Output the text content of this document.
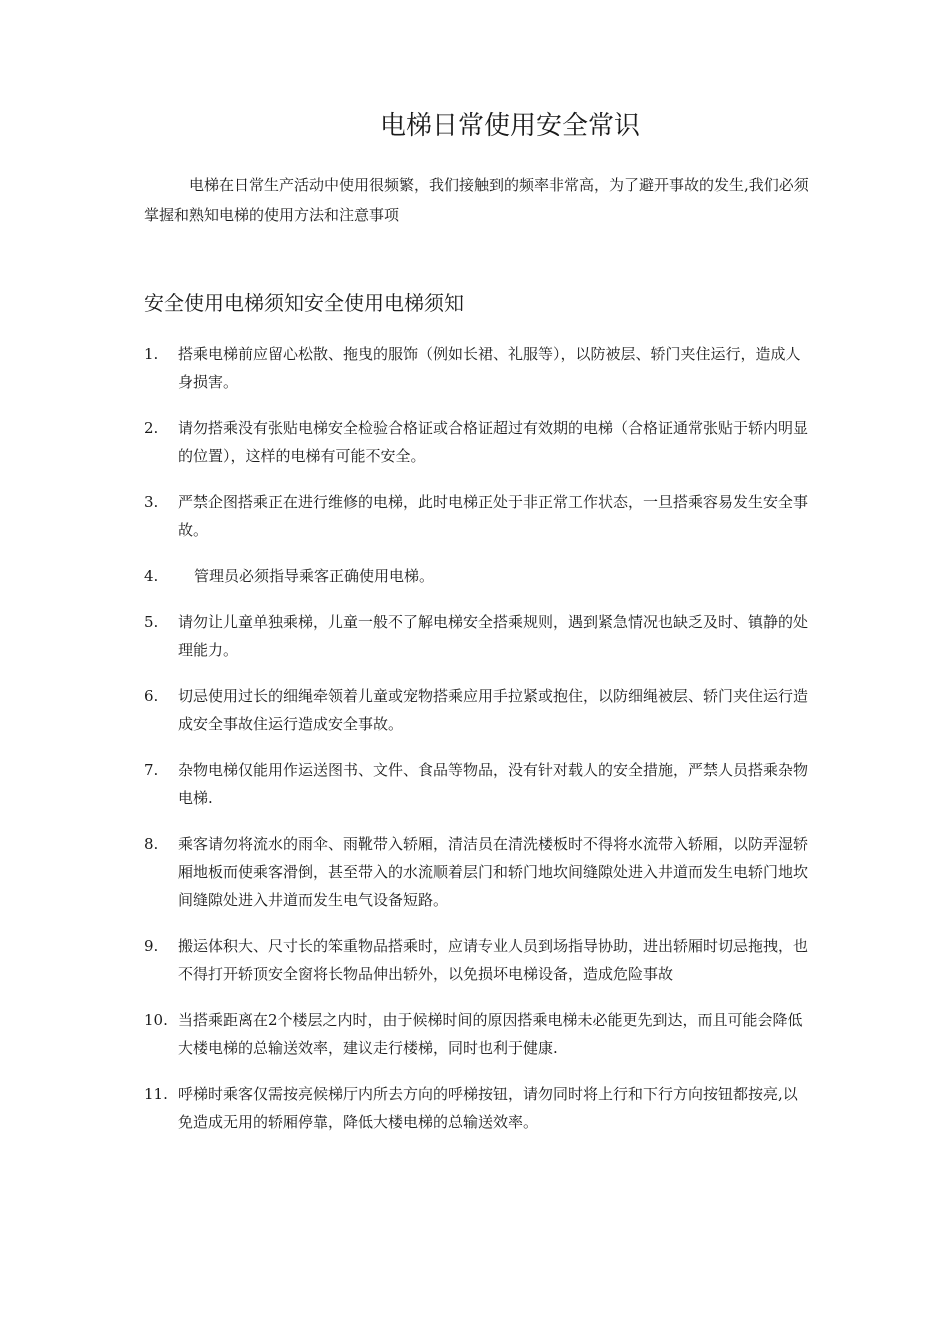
电梯日常使用安全常识

电梯在日常生产活动中使用很频繁，我们接触到的频率非常高，为了避开事故的发生,我们必须掌握和熟知电梯的使用方法和注意事项

安全使用电梯须知安全使用电梯须知
1.	搭乘电梯前应留心松散、拖曳的服饰（例如长裙、礼服等），以防被层、轿门夹住运行，造成人身损害。
2.	请勿搭乘没有张贴电梯安全检验合格证或合格证超过有效期的电梯（合格证通常张贴于轿内明显的位置），这样的电梯有可能不安全。
3.	严禁企图搭乘正在进行维修的电梯，此时电梯正处于非正常工作状态，一旦搭乘容易发生安全事故。
4.	管理员必须指导乘客正确使用电梯。
5.	请勿让儿童单独乘梯，儿童一般不了解电梯安全搭乘规则，遇到紧急情况也缺乏及时、镇静的处理能力。
6.	切忌使用过长的细绳牵领着儿童或宠物搭乘应用手拉紧或抱住，以防细绳被层、轿门夹住运行造成安全事故住运行造成安全事故。
7.	杂物电梯仅能用作运送图书、文件、食品等物品，没有针对载人的安全措施，严禁人员搭乘杂物电梯.
8.	乘客请勿将流水的雨伞、雨靴带入轿厢，清洁员在清洗楼板时不得将水流带入轿厢，以防弄湿轿厢地板而使乘客滑倒，甚至带入的水流顺着层门和轿门地坎间缝隙处进入井道而发生电轿门地坎间缝隙处进入井道而发生电气设备短路。
9.	搬运体积大、尺寸长的笨重物品搭乘时，应请专业人员到场指导协助，进出轿厢时切忌拖拽，也不得打开轿顶安全窗将长物品伸出轿外，以免损坏电梯设备，造成危险事故
10. 当搭乘距离在2个楼层之内时，由于候梯时间的原因搭乘电梯未必能更先到达，而且可能会降低大楼电梯的总输送效率，建议走行楼梯，同时也利于健康.
11. 呼梯时乘客仅需按亮候梯厅内所去方向的呼梯按钮，请勿同时将上行和下行方向按钮都按亮,以免造成无用的轿厢停靠，降低大楼电梯的总输送效率。
